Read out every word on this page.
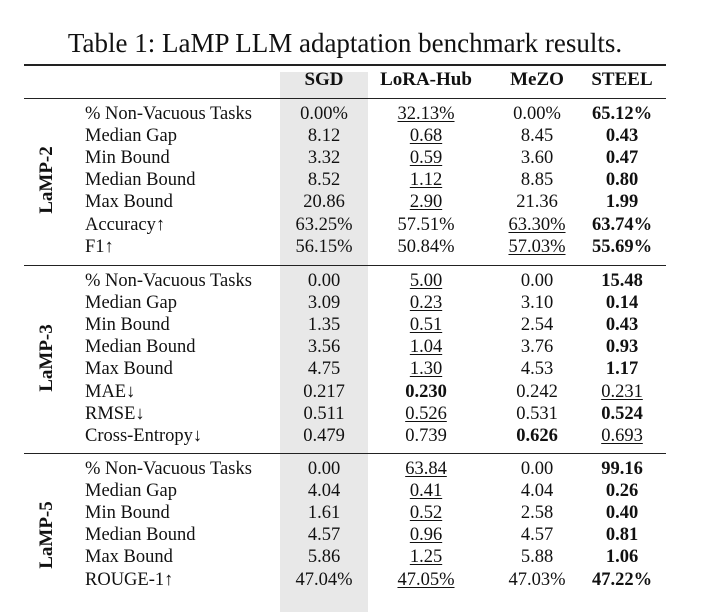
Table 1: LaMP LLM adaptation benchmark results.
SGD	LoRA-Hub	MeZO	STEEL
LaMP-2
% Non-Vacuous Tasks	0.00%	32.13%	0.00%	65.12%
Median Gap	8.12	0.68	8.45	0.43
Min Bound	3.32	0.59	3.60	0.47
Median Bound	8.52	1.12	8.85	0.80
Max Bound	20.86	2.90	21.36	1.99
Accuracy↑	63.25%	57.51%	63.30%	63.74%
F1↑	56.15%	50.84%	57.03%	55.69%
LaMP-3
% Non-Vacuous Tasks	0.00	5.00	0.00	15.48
Median Gap	3.09	0.23	3.10	0.14
Min Bound	1.35	0.51	2.54	0.43
Median Bound	3.56	1.04	3.76	0.93
Max Bound	4.75	1.30	4.53	1.17
MAE↓	0.217	0.230	0.242	0.231
RMSE↓	0.511	0.526	0.531	0.524
Cross-Entropy↓	0.479	0.739	0.626	0.693
LaMP-5
% Non-Vacuous Tasks	0.00	63.84	0.00	99.16
Median Gap	4.04	0.41	4.04	0.26
Min Bound	1.61	0.52	2.58	0.40
Median Bound	4.57	0.96	4.57	0.81
Max Bound	5.86	1.25	5.88	1.06
ROUGE-1↑	47.04%	47.05%	47.03%	47.22%
